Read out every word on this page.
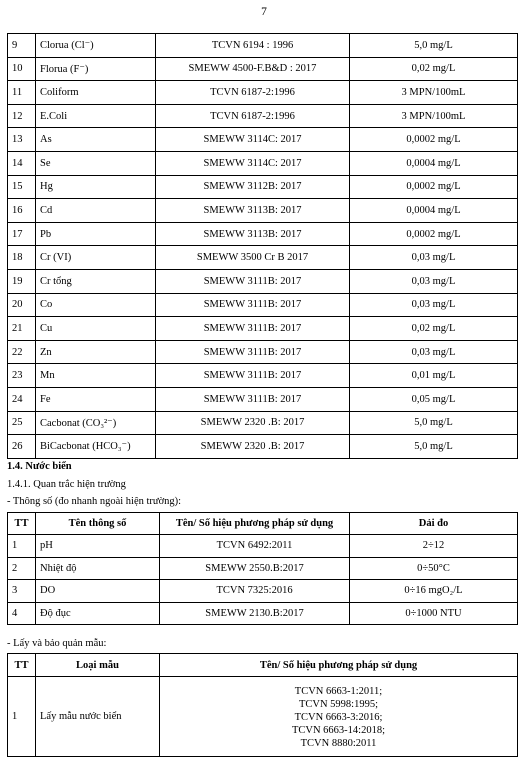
7
9	Clorua (Cl⁻)	TCVN 6194 : 1996	5,0 mg/L
10	Florua (F⁻)	SMEWW 4500-F.B&D : 2017	0,02 mg/L
11	Coliform	TCVN 6187-2:1996	3 MPN/100mL
12	E.Coli	TCVN 6187-2:1996	3 MPN/100mL
13	As	SMEWW 3114C: 2017	0,0002 mg/L
14	Se	SMEWW 3114C: 2017	0,0004 mg/L
15	Hg	SMEWW 3112B: 2017	0,0002 mg/L
16	Cd	SMEWW 3113B: 2017	0,0004 mg/L
17	Pb	SMEWW 3113B: 2017	0,0002 mg/L
18	Cr (VI)	SMEWW 3500 Cr B 2017	0,03 mg/L
19	Cr tổng	SMEWW 3111B: 2017	0,03 mg/L
20	Co	SMEWW 3111B: 2017	0,03 mg/L
21	Cu	SMEWW 3111B: 2017	0,02 mg/L
22	Zn	SMEWW 3111B: 2017	0,03 mg/L
23	Mn	SMEWW 3111B: 2017	0,01 mg/L
24	Fe	SMEWW 3111B: 2017	0,05 mg/L
25	Cacbonat (CO₃²⁻)	SMEWW 2320 .B: 2017	5,0 mg/L
26	BiCacbonat (HCO₃⁻)	SMEWW 2320 .B: 2017	5,0 mg/L
1.4. Nước biển
1.4.1. Quan trắc hiện trường
- Thông số (đo nhanh ngoài hiện trường):
TT	Tên thông số	Tên/ Số hiệu phương pháp sử dụng	Dải đo
1	pH	TCVN 6492:2011	2÷12
2	Nhiệt độ	SMEWW 2550.B:2017	0÷50°C
3	DO	TCVN 7325:2016	0÷16 mgO₂/L
4	Độ đục	SMEWW 2130.B:2017	0÷1000 NTU
- Lấy và bảo quản mẫu:
TT	Loại mẫu	Tên/ Số hiệu phương pháp sử dụng
1	Lấy mẫu nước biển	TCVN 6663-1:2011;
TCVN 5998:1995;
TCVN 6663-3:2016;
TCVN 6663-14:2018;
TCVN 8880:2011
